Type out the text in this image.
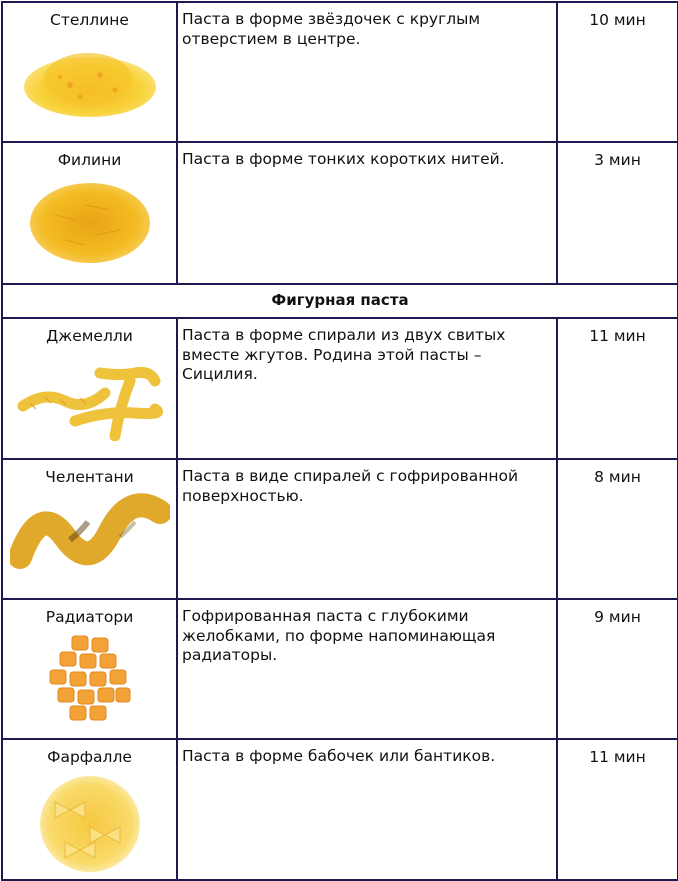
Стеллине	Паста в форме звёздочек с круглым отверстием в центре.	10 мин

Филини	Паста в форме тонких коротких нитей.	3 мин

Фигурная паста		

Джемелли	Паста в форме спирали из двух свитых вместе жгутов. Родина этой пасты – Сицилия.	11 мин

Челентани	Паста в виде спиралей с гофрированной поверхностью.	8 мин

Радиатори	Гофрированная паста с глубокими желобками, по форме напоминающая радиаторы.	9 мин

Фарфалле	Паста в форме бабочек или бантиков.	11 мин
